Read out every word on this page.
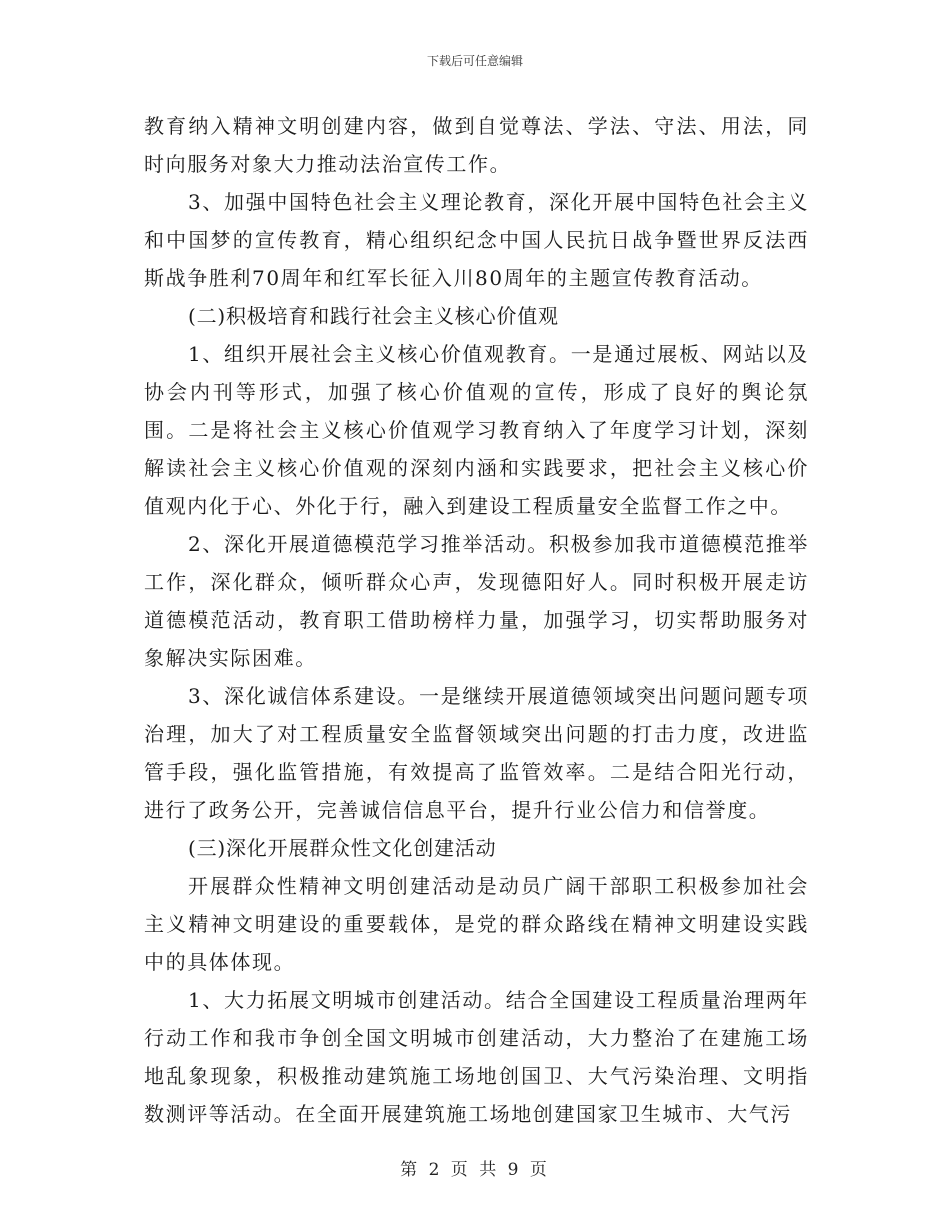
下载后可任意编辑

教育纳入精神文明创建内容，做到自觉尊法、学法、守法、用法，同时向服务对象大力推动法治宣传工作。

3、加强中国特色社会主义理论教育，深化开展中国特色社会主义和中国梦的宣传教育，精心组织纪念中国人民抗日战争暨世界反法西斯战争胜利70周年和红军长征入川80周年的主题宣传教育活动。

(二)积极培育和践行社会主义核心价值观

1、组织开展社会主义核心价值观教育。一是通过展板、网站以及协会内刊等形式，加强了核心价值观的宣传，形成了良好的舆论氛围。二是将社会主义核心价值观学习教育纳入了年度学习计划，深刻解读社会主义核心价值观的深刻内涵和实践要求，把社会主义核心价值观内化于心、外化于行，融入到建设工程质量安全监督工作之中。

2、深化开展道德模范学习推举活动。积极参加我市道德模范推举工作，深化群众，倾听群众心声，发现德阳好人。同时积极开展走访道德模范活动，教育职工借助榜样力量，加强学习，切实帮助服务对象解决实际困难。

3、深化诚信体系建设。一是继续开展道德领域突出问题问题专项治理，加大了对工程质量安全监督领域突出问题的打击力度，改进监管手段，强化监管措施，有效提高了监管效率。二是结合阳光行动，进行了政务公开，完善诚信信息平台，提升行业公信力和信誉度。

(三)深化开展群众性文化创建活动

开展群众性精神文明创建活动是动员广阔干部职工积极参加社会主义精神文明建设的重要载体，是党的群众路线在精神文明建设实践中的具体体现。

1、大力拓展文明城市创建活动。结合全国建设工程质量治理两年行动工作和我市争创全国文明城市创建活动，大力整治了在建施工场地乱象现象，积极推动建筑施工场地创国卫、大气污染治理、文明指数测评等活动。在全面开展建筑施工场地创建国家卫生城市、大气污

第 2 页 共 9 页
